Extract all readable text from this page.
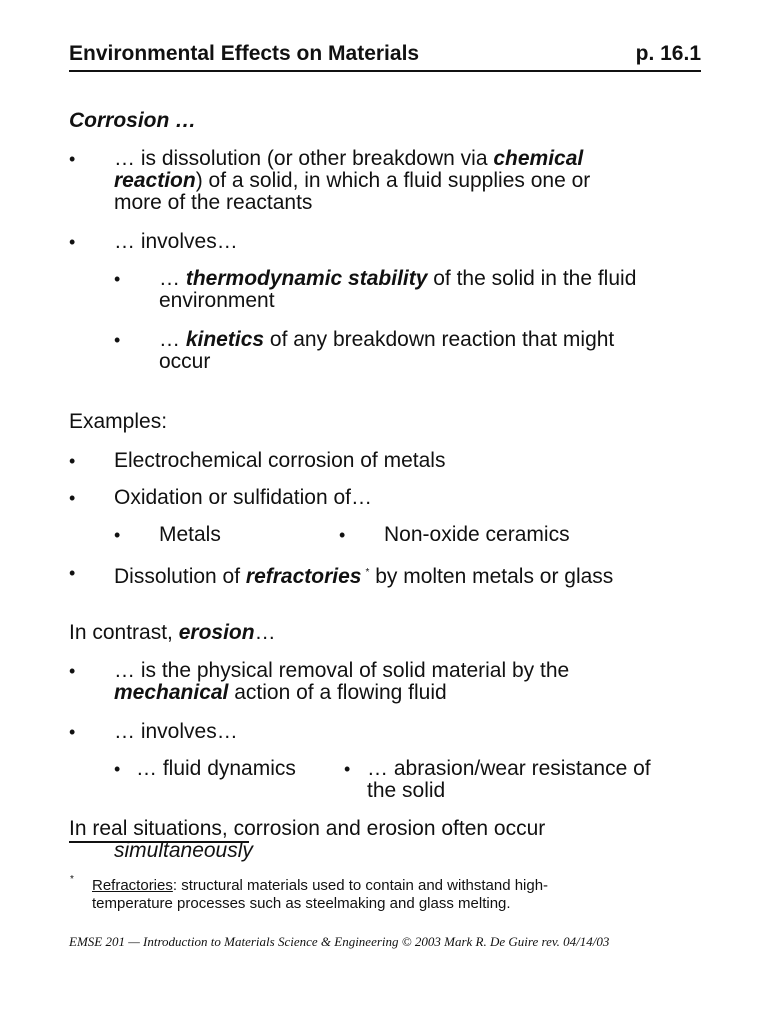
Environmental Effects on Materials	p. 16.1
Corrosion …
• … is dissolution (or other breakdown via chemical
reaction) of a solid, in which a fluid supplies one or
more of the reactants
• … involves…
• … thermodynamic stability of the solid in the fluid
environment
• … kinetics of any breakdown reaction that might
occur
Examples:
• Electrochemical corrosion of metals
• Oxidation or sulfidation of…
• Metals	• Non-oxide ceramics
• Dissolution of refractories * by molten metals or glass
In contrast, erosion…
• … is the physical removal of solid material by the
mechanical action of a flowing fluid
• … involves…
• … fluid dynamics	• … abrasion/wear resistance of
the solid
In real situations, corrosion and erosion often occur
simultaneously
* Refractories: structural materials used to contain and withstand high-
temperature processes such as steelmaking and glass melting.
EMSE 201 — Introduction to Materials Science & Engineering © 2003 Mark R. De Guire rev. 04/14/03
